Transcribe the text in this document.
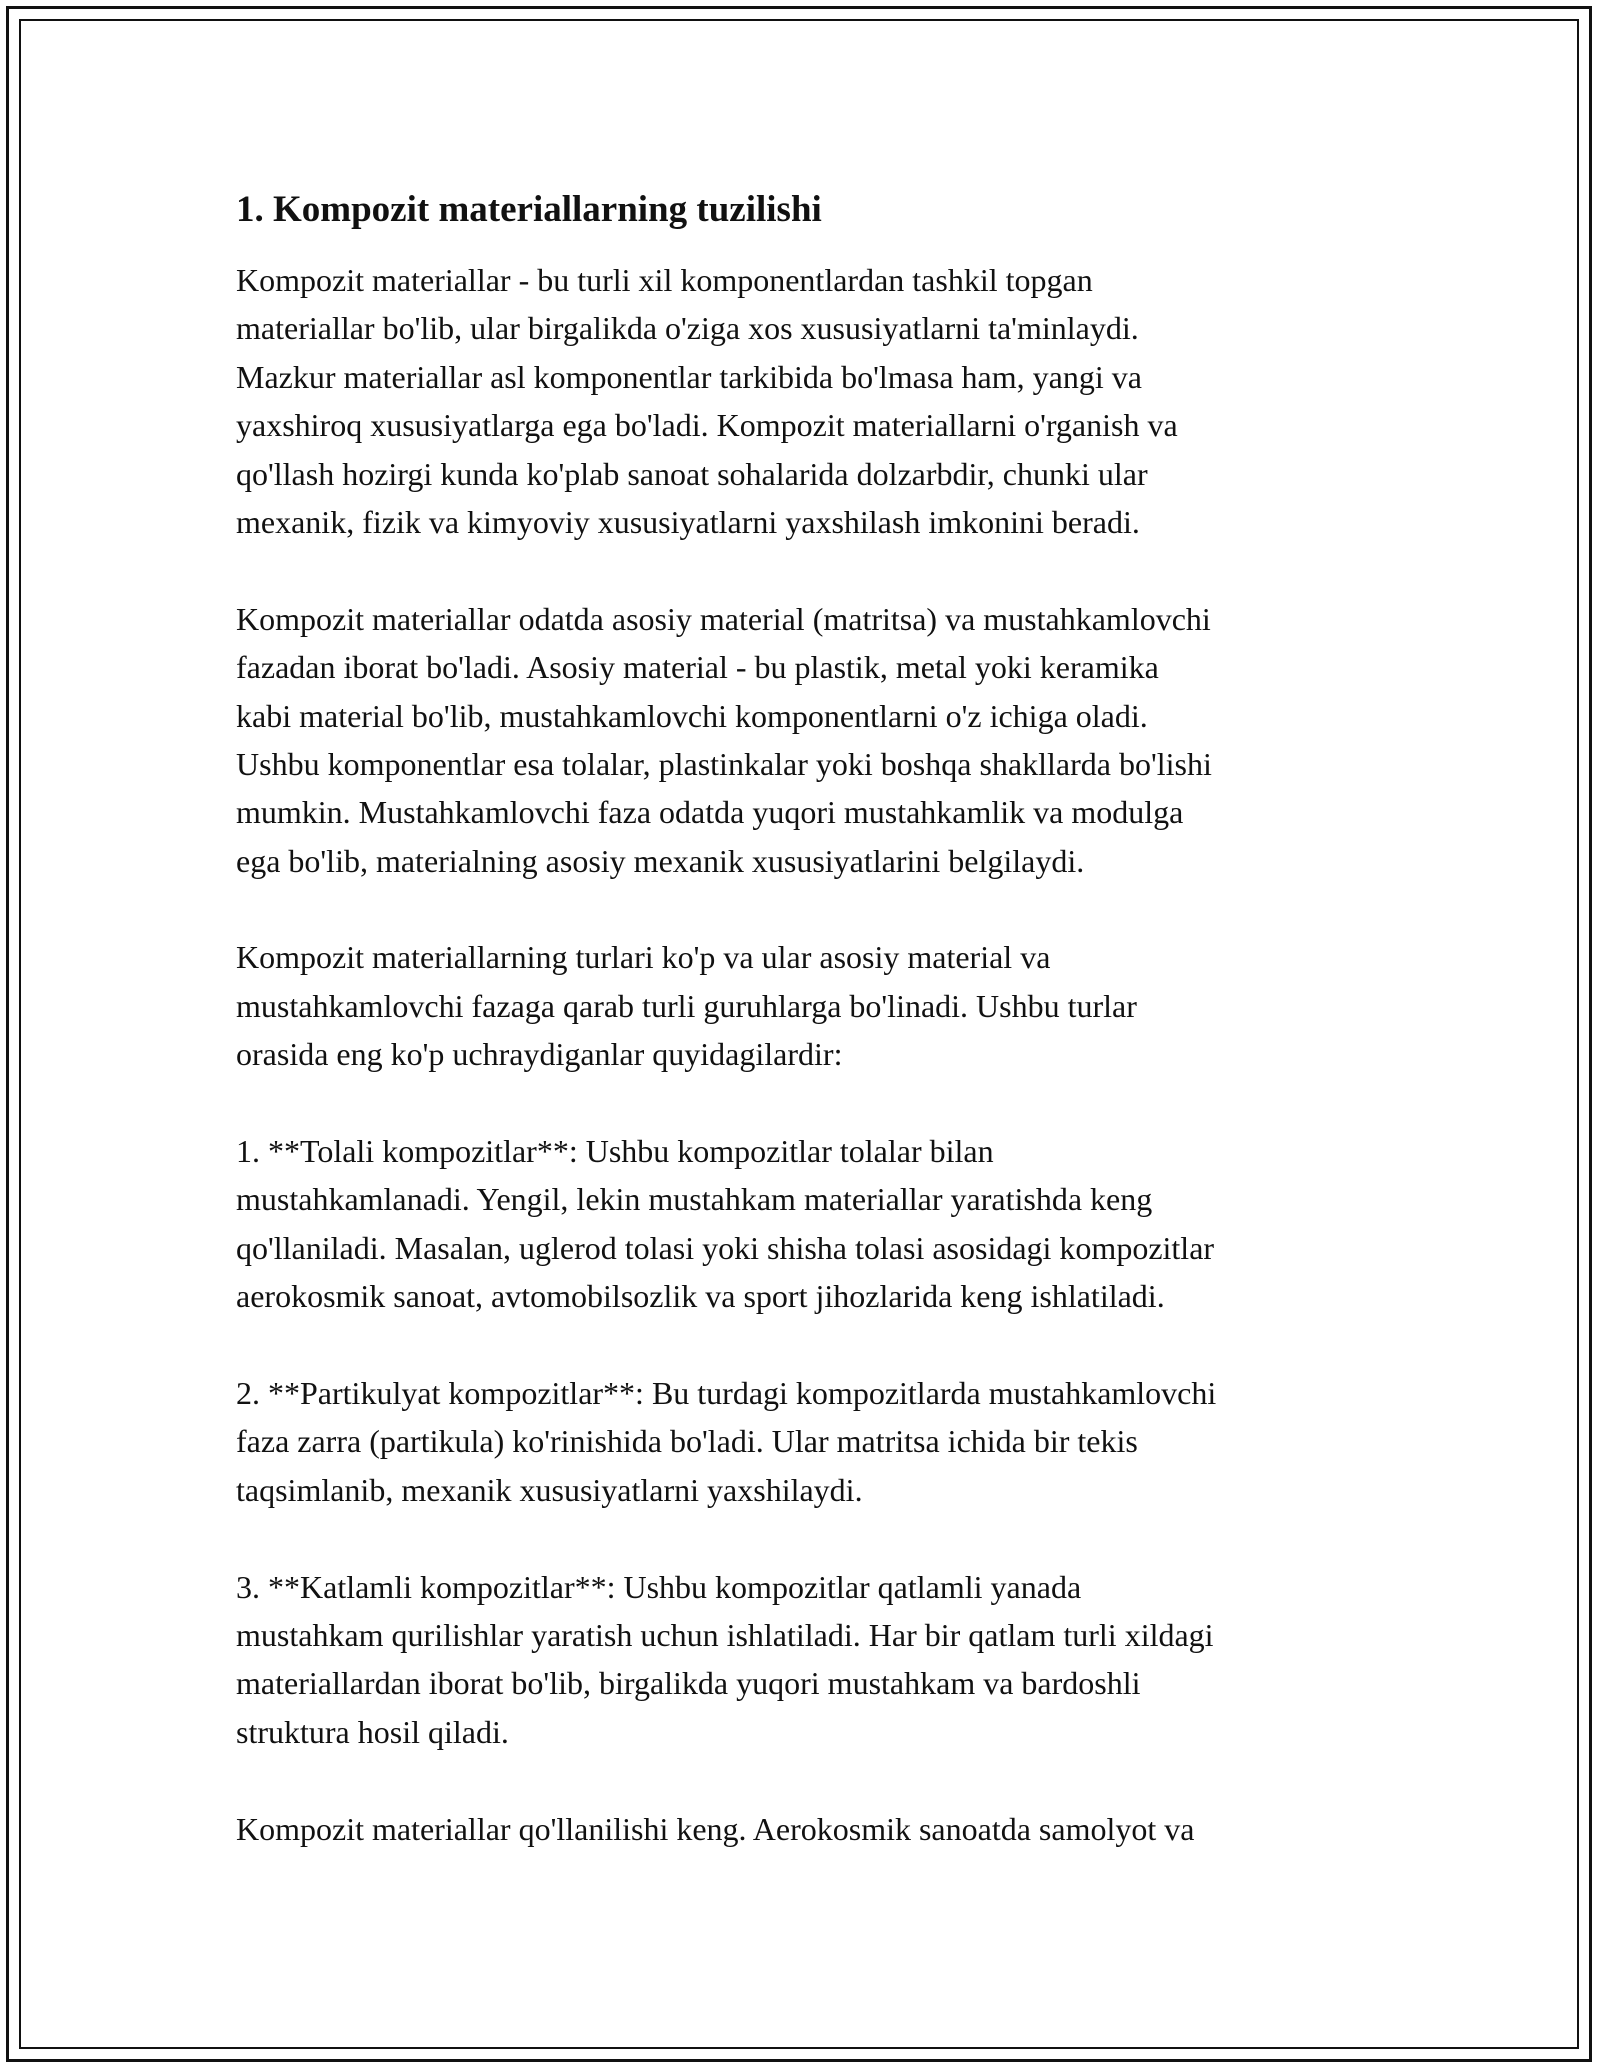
1. Kompozit materiallarning tuzilishi
Kompozit materiallar - bu turli xil komponentlardan tashkil topgan
materiallar bo'lib, ular birgalikda o'ziga xos xususiyatlarni ta'minlaydi.
Mazkur materiallar asl komponentlar tarkibida bo'lmasa ham, yangi va
yaxshiroq xususiyatlarga ega bo'ladi. Kompozit materiallarni o'rganish va
qo'llash hozirgi kunda ko'plab sanoat sohalarida dolzarbdir, chunki ular
mexanik, fizik va kimyoviy xususiyatlarni yaxshilash imkonini beradi.
Kompozit materiallar odatda asosiy material (matritsa) va mustahkamlovchi
fazadan iborat bo'ladi. Asosiy material - bu plastik, metal yoki keramika
kabi material bo'lib, mustahkamlovchi komponentlarni o'z ichiga oladi.
Ushbu komponentlar esa tolalar, plastinkalar yoki boshqa shakllarda bo'lishi
mumkin. Mustahkamlovchi faza odatda yuqori mustahkamlik va modulga
ega bo'lib, materialning asosiy mexanik xususiyatlarini belgilaydi.
Kompozit materiallarning turlari ko'p va ular asosiy material va
mustahkamlovchi fazaga qarab turli guruhlarga bo'linadi. Ushbu turlar
orasida eng ko'p uchraydiganlar quyidagilardir:
1. **Tolali kompozitlar**: Ushbu kompozitlar tolalar bilan
mustahkamlanadi. Yengil, lekin mustahkam materiallar yaratishda keng
qo'llaniladi. Masalan, uglerod tolasi yoki shisha tolasi asosidagi kompozitlar
aerokosmik sanoat, avtomobilsozlik va sport jihozlarida keng ishlatiladi.
2. **Partikulyat kompozitlar**: Bu turdagi kompozitlarda mustahkamlovchi
faza zarra (partikula) ko'rinishida bo'ladi. Ular matritsa ichida bir tekis
taqsimlanib, mexanik xususiyatlarni yaxshilaydi.
3. **Katlamli kompozitlar**: Ushbu kompozitlar qatlamli yanada
mustahkam qurilishlar yaratish uchun ishlatiladi. Har bir qatlam turli xildagi
materiallardan iborat bo'lib, birgalikda yuqori mustahkam va bardoshli
struktura hosil qiladi.
Kompozit materiallar qo'llanilishi keng. Aerokosmik sanoatda samolyot va
